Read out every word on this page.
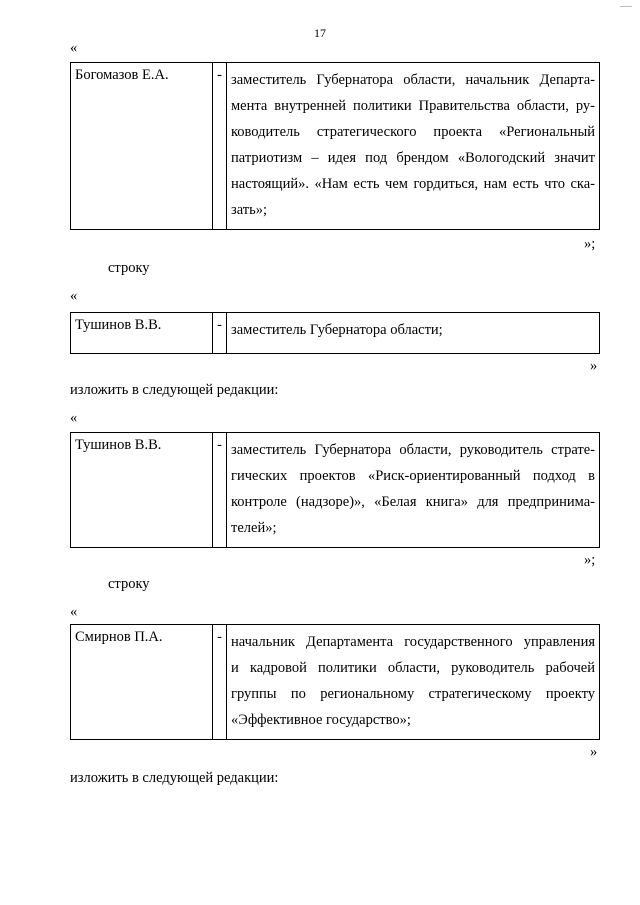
......
17
«
Богомазов Е.А.	- заместитель Губернатора области, начальник Департа-
мента внутренней политики Правительства области, ру-
ководитель стратегического проекта «Региональный
патриотизм – идея под брендом «Вологодский значит
настоящий». «Нам есть чем гордиться, нам есть что ска-
зать»;
»;
строку
«
Тушинов В.В.	- заместитель Губернатора области;
»
изложить в следующей редакции:
«
Тушинов В.В.	- заместитель Губернатора области, руководитель страте-
гических проектов «Риск-ориентированный подход в
контроле (надзоре)», «Белая книга» для предпринима-
телей»;
»;
строку
«
Смирнов П.А.	- начальник Департамента государственного управления
и кадровой политики области, руководитель рабочей
группы по региональному стратегическому проекту
«Эффективное государство»;
»
изложить в следующей редакции:
